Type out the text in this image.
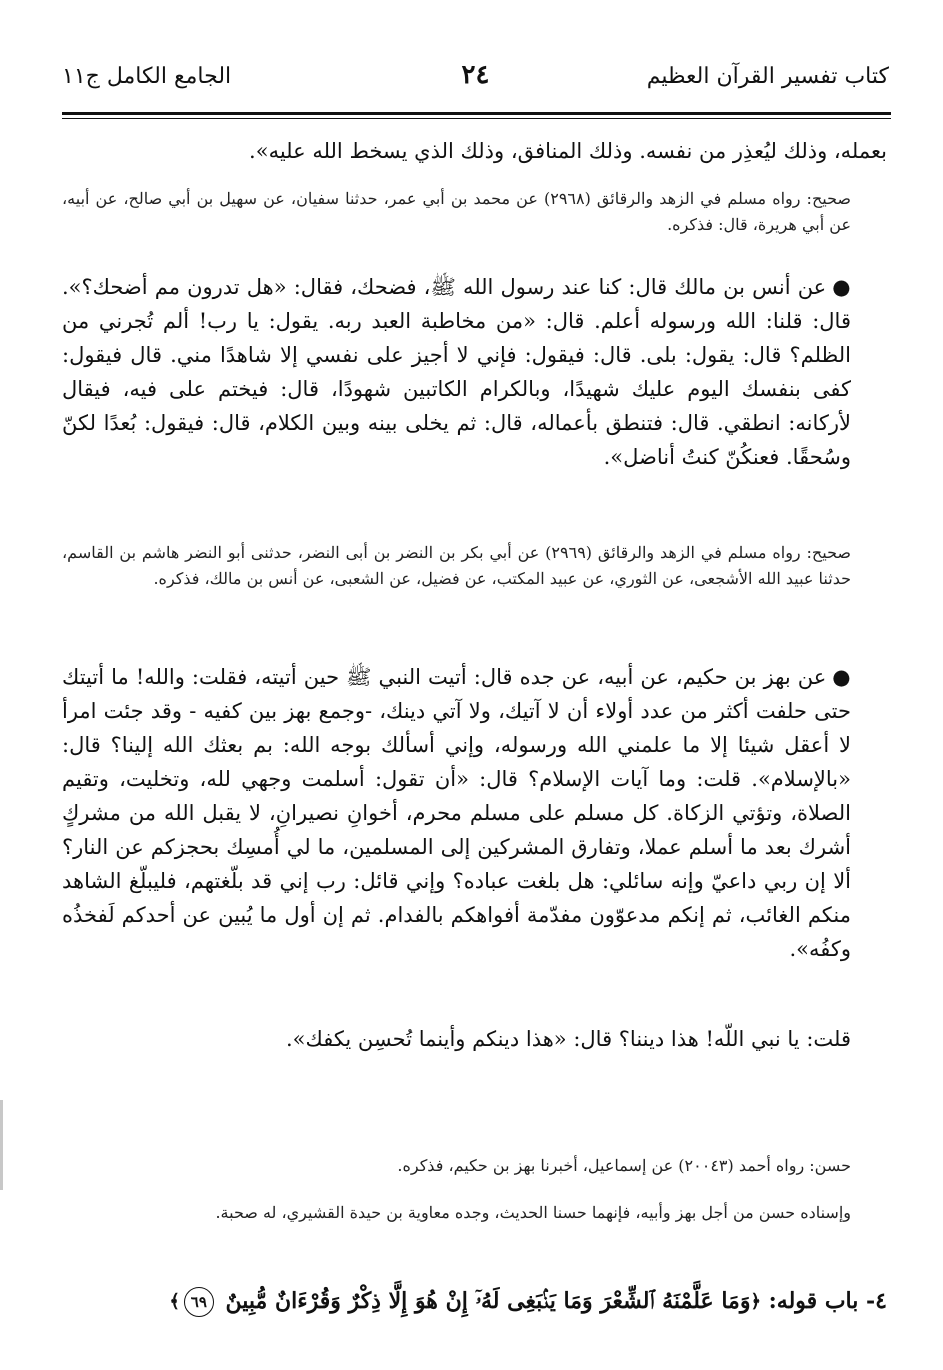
كتاب تفسير القرآن العظيم
٢٤
الجامع الكامل ج١١
بعمله، وذلك ليُعذِر من نفسه. وذلك المنافق، وذلك الذي يسخط الله عليه».
صحيح: رواه مسلم في الزهد والرقائق (٢٩٦٨) عن محمد بن أبي عمر، حدثنا سفيان، عن سهيل بن أبي صالح، عن أبيه، عن أبي هريرة، قال: فذكره.
●عن أنس بن مالك قال: كنا عند رسول الله ﷺ، فضحك، فقال: «هل تدرون مم أضحك؟». قال: قلنا: الله ورسوله أعلم. قال: «من مخاطبة العبد ربه. يقول: يا رب! ألم تُجرني من الظلم؟ قال: يقول: بلى. قال: فيقول: فإني لا أجيز على نفسي إلا شاهدًا مني. قال فيقول: كفى بنفسك اليوم عليك شهيدًا، وبالكرام الكاتبين شهودًا، قال: فيختم على فيه، فيقال لأركانه: انطقي. قال: فتنطق بأعماله، قال: ثم يخلى بينه وبين الكلام، قال: فيقول: بُعدًا لكنّ وسُحقًا. فعنكُنّ كنتُ أناضل».
صحيح: رواه مسلم في الزهد والرقائق (٢٩٦٩) عن أبي بكر بن النضر بن أبى النضر، حدثنى أبو النضر هاشم بن القاسم، حدثنا عبيد الله الأشجعى، عن الثوري، عن عبيد المكتب، عن فضيل، عن الشعبى، عن أنس بن مالك، فذكره.
●عن بهز بن حكيم، عن أبيه، عن جده قال: أتيت النبي ﷺ حين أتيته، فقلت: والله! ما أتيتك حتى حلفت أكثر من عدد أولاء أن لا آتيك، ولا آتي دينك، -وجمع بهز بين كفيه - وقد جئت امرأ لا أعقل شيئا إلا ما علمني الله ورسوله، وإني أسألك بوجه الله: بم بعثك الله إلينا؟ قال: «بالإسلام». قلت: وما آيات الإسلام؟ قال: «أن تقول: أسلمت وجهي لله، وتخليت، وتقيم الصلاة، وتؤتي الزكاة. كل مسلم على مسلم محرم، أخوانِ نصيرانِ، لا يقبل الله من مشركٍ أشرك بعد ما أسلم عملا، وتفارق المشركين إلى المسلمين، ما لي أُمسِك بحجزكم عن النار؟ ألا إن ربي داعيّ وإنه سائلي: هل بلغت عباده؟ وإني قائل: رب إني قد بلّغتهم، فليبلّغ الشاهد منكم الغائب، ثم إنكم مدعوّون مفدّمة أفواهكم بالفدام. ثم إن أول ما يُبين عن أحدكم لَفخذُه وكفُه».
قلت: يا نبي اللّه! هذا ديننا؟ قال: «هذا دينكم وأينما تُحسِن يكفك».
حسن: رواه أحمد (٢٠٠٤٣) عن إسماعيل، أخبرنا بهز بن حكيم، فذكره.
وإسناده حسن من أجل بهز وأبيه، فإنهما حسنا الحديث، وجده معاوية بن حيدة القشيري، له صحبة.
٤- باب قوله: ﴿وَمَا عَلَّمْنَهُ ٱلشِّعْرَ وَمَا يَنۢبَغِى لَهُۥٓ إِنْ هُوَ إِلَّا ذِكْرٌ وَقُرْءَانٌ مُّبِينٌ ٦٩﴾
